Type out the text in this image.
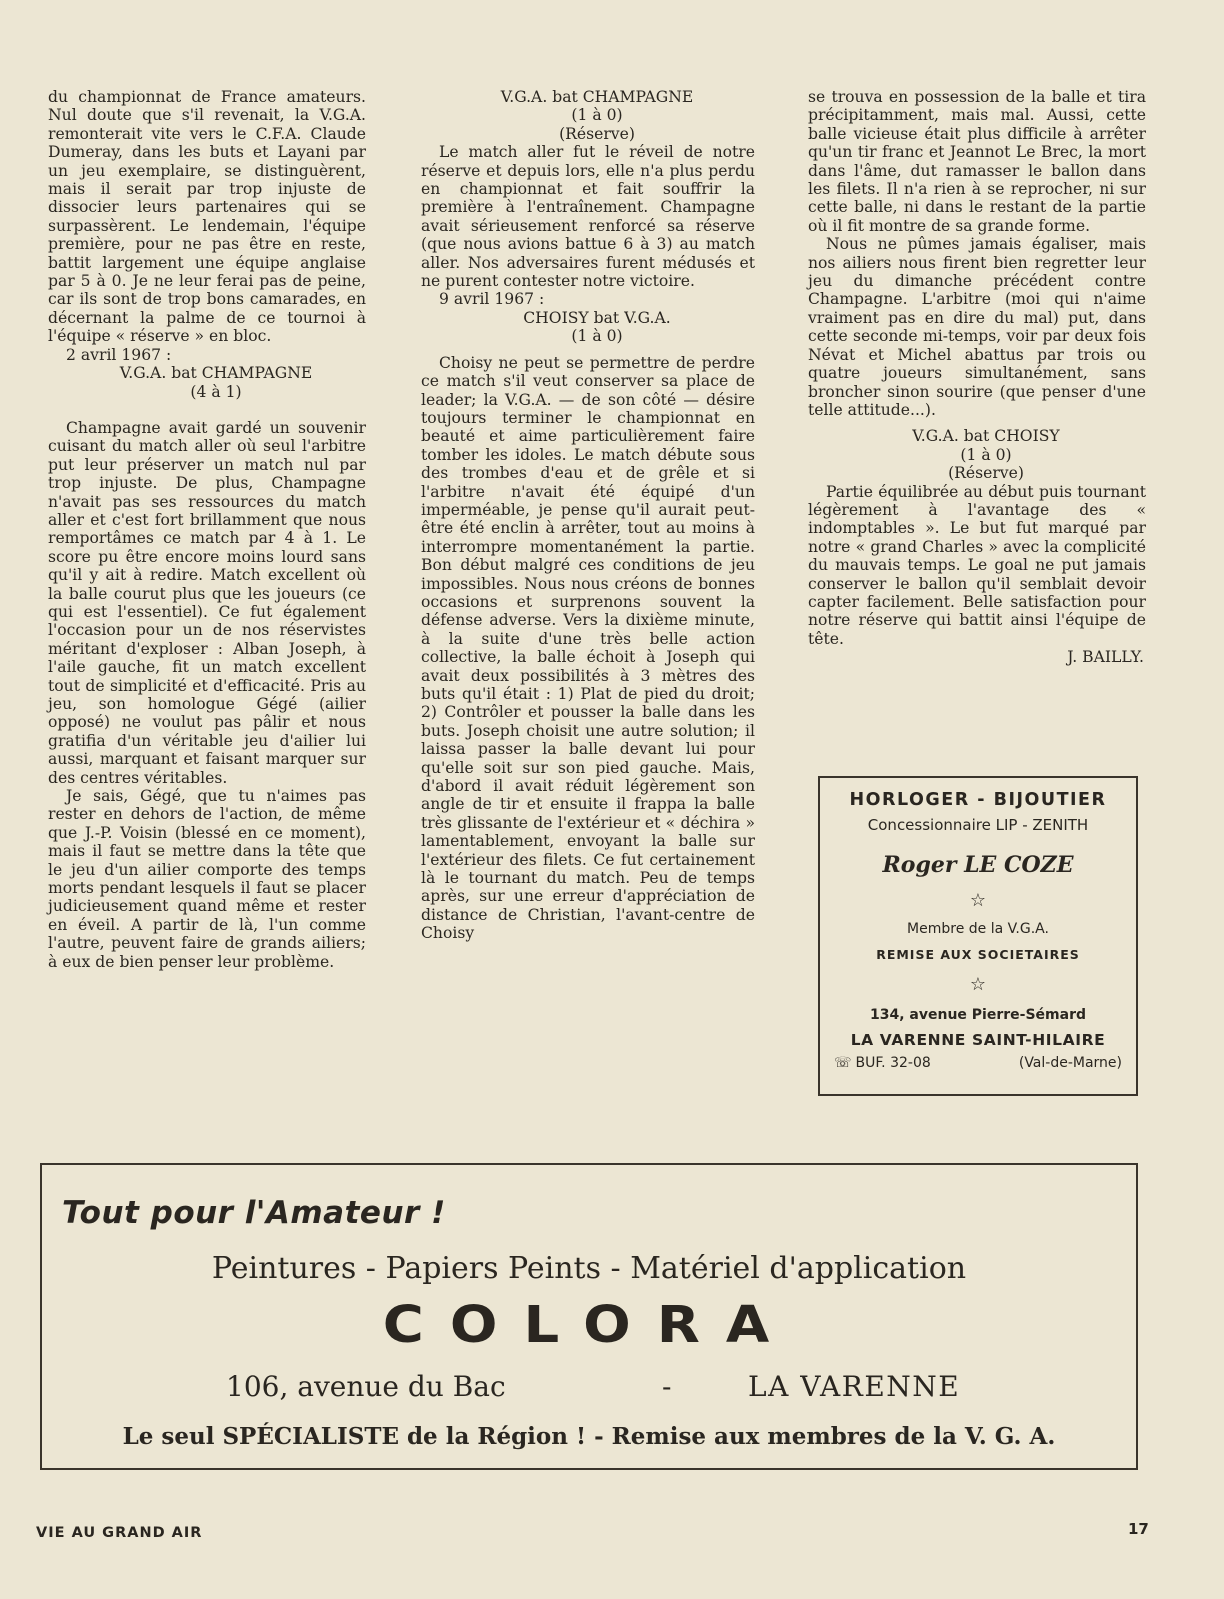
du championnat de France amateurs. Nul doute que s'il revenait, la V.G.A. remonterait vite vers le C.F.A. Claude Dumeray, dans les buts et Layani par un jeu exemplaire, se distinguèrent, mais il serait par trop injuste de dissocier leurs partenaires qui se surpassèrent. Le lendemain, l'équipe première, pour ne pas être en reste, battit largement une équipe anglaise par 5 à 0. Je ne leur ferai pas de peine, car ils sont de trop bons camarades, en décernant la palme de ce tournoi à l'équipe « réserve » en bloc.

2 avril 1967 :

V.G.A. bat CHAMPAGNE

(4 à 1)

Champagne avait gardé un souvenir cuisant du match aller où seul l'arbitre put leur préserver un match nul par trop injuste. De plus, Champagne n'avait pas ses ressources du match aller et c'est fort brillamment que nous remportâmes ce match par 4 à 1. Le score pu être encore moins lourd sans qu'il y ait à redire. Match excellent où la balle courut plus que les joueurs (ce qui est l'essentiel). Ce fut également l'occasion pour un de nos réservistes méritant d'exploser : Alban Joseph, à l'aile gauche, fit un match excellent tout de simplicité et d'efficacité. Pris au jeu, son homologue Gégé (ailier opposé) ne voulut pas pâlir et nous gratifia d'un véritable jeu d'ailier lui aussi, marquant et faisant marquer sur des centres véritables.

Je sais, Gégé, que tu n'aimes pas rester en dehors de l'action, de même que J.-P. Voisin (blessé en ce moment), mais il faut se mettre dans la tête que le jeu d'un ailier comporte des temps morts pendant lesquels il faut se placer judicieusement quand même et rester en éveil. A partir de là, l'un comme l'autre, peuvent faire de grands ailiers; à eux de bien penser leur problème.

V.G.A. bat CHAMPAGNE

(1 à 0)

(Réserve)

Le match aller fut le réveil de notre réserve et depuis lors, elle n'a plus perdu en championnat et fait souffrir la première à l'entraînement. Champagne avait sérieusement renforcé sa réserve (que nous avions battue 6 à 3) au match aller. Nos adversaires furent médusés et ne purent contester notre victoire.

9 avril 1967 :

CHOISY bat V.G.A.

(1 à 0)

Choisy ne peut se permettre de perdre ce match s'il veut conserver sa place de leader; la V.G.A. — de son côté — désire toujours terminer le championnat en beauté et aime particulièrement faire tomber les idoles. Le match débute sous des trombes d'eau et de grêle et si l'arbitre n'avait été équipé d'un imperméable, je pense qu'il aurait peut-être été enclin à arrêter, tout au moins à interrompre momentanément la partie. Bon début malgré ces conditions de jeu impossibles. Nous nous créons de bonnes occasions et surprenons souvent la défense adverse. Vers la dixième minute, à la suite d'une très belle action collective, la balle échoit à Joseph qui avait deux possibilités à 3 mètres des buts qu'il était : 1) Plat de pied du droit; 2) Contrôler et pousser la balle dans les buts. Joseph choisit une autre solution; il laissa passer la balle devant lui pour qu'elle soit sur son pied gauche. Mais, d'abord il avait réduit légèrement son angle de tir et ensuite il frappa la balle très glissante de l'extérieur et « déchira » lamentablement, envoyant la balle sur l'extérieur des filets. Ce fut certainement là le tournant du match. Peu de temps après, sur une erreur d'appréciation de distance de Christian, l'avant-centre de Choisy

se trouva en possession de la balle et tira précipitamment, mais mal. Aussi, cette balle vicieuse était plus difficile à arrêter qu'un tir franc et Jeannot Le Brec, la mort dans l'âme, dut ramasser le ballon dans les filets. Il n'a rien à se reprocher, ni sur cette balle, ni dans le restant de la partie où il fit montre de sa grande forme.

Nous ne pûmes jamais égaliser, mais nos ailiers nous firent bien regretter leur jeu du dimanche précédent contre Champagne. L'arbitre (moi qui n'aime vraiment pas en dire du mal) put, dans cette seconde mi-temps, voir par deux fois Névat et Michel abattus par trois ou quatre joueurs simultanément, sans broncher sinon sourire (que penser d'une telle attitude...).

V.G.A. bat CHOISY

(1 à 0)

(Réserve)

Partie équilibrée au début puis tournant légèrement à l'avantage des « indomptables ». Le but fut marqué par notre « grand Charles » avec la complicité du mauvais temps. Le goal ne put jamais conserver le ballon qu'il semblait devoir capter facilement. Belle satisfaction pour notre réserve qui battit ainsi l'équipe de tête.

J. BAILLY.

HORLOGER - BIJOUTIER
Concessionnaire LIP - ZENITH
Roger LE COZE
☆
Membre de la V.G.A.
REMISE AUX SOCIETAIRES
☆
134, avenue Pierre-Sémard
LA VARENNE SAINT-HILAIRE
☏ BUF. 32-08	(Val-de-Marne)
Tout pour l'Amateur !
Peintures - Papiers Peints - Matériel d'application
COLORA
106, avenue du Bac	-	LA VARENNE
Le seul SPÉCIALISTE de la Région ! - Remise aux membres de la V. G. A.
VIE AU GRAND AIR	17
